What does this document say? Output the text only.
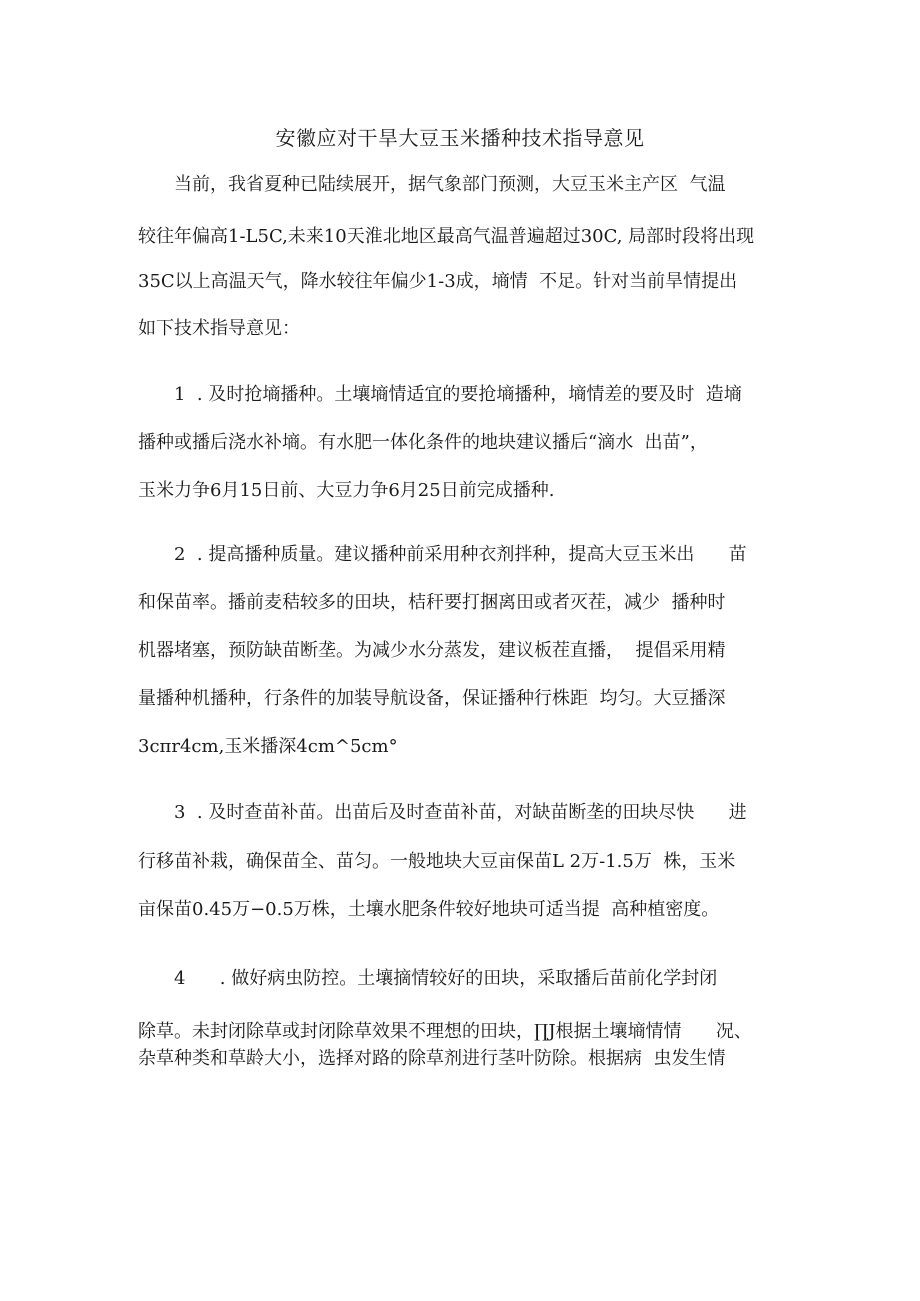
安徽应对干旱大豆玉米播种技术指导意见
当前，我省夏种已陆续展开，据气象部门预测，大豆玉米主产区  气温
较往年偏高1-L5C,未来10天淮北地区最高气温普遍超过30C, 局部时段将出现
35C以上高温天气，降水较往年偏少1-3成，墒情  不足。针对当前旱情提出
如下技术指导意见：
1  . 及时抢墒播种。土壤墒情适宜的要抢墒播种，墒情差的要及时  造墒
播种或播后浇水补墒。有水肥一体化条件的地块建议播后“滴水  出苗”，
玉米力争6月15日前、大豆力争6月25日前完成播种.
2  . 提高播种质量。建议播种前采用种衣剂拌种，提高大豆玉米出      苗
和保苗率。播前麦秸较多的田块，桔秆要打捆离田或者灭茬，减少  播种时
机器堵塞，预防缺苗断垄。为减少水分蒸发，建议板茬直播，  提倡采用精
量播种机播种，行条件的加装导航设备，保证播种行株距  均匀。大豆播深
3cπr4cm,玉米播深4cm^5cm°
3  . 及时查苗补苗。出苗后及时查苗补苗，对缺苗断垄的田块尽快      进
行移苗补栽，确保苗全、苗匀。一般地块大豆亩保苗L 2万-1.5万  株，玉米
亩保苗0.45万−0.5万株，土壤水肥条件较好地块可适当提  高种植密度。
4      . 做好病虫防控。土壤摘情较好的田块，采取播后苗前化学封闭
除草。未封闭除草或封闭除草效果不理想的田块，∏J根据土壤墒情情      况、
杂草种类和草龄大小，选择对路的除草剂进行茎叶防除。根据病  虫发生情
